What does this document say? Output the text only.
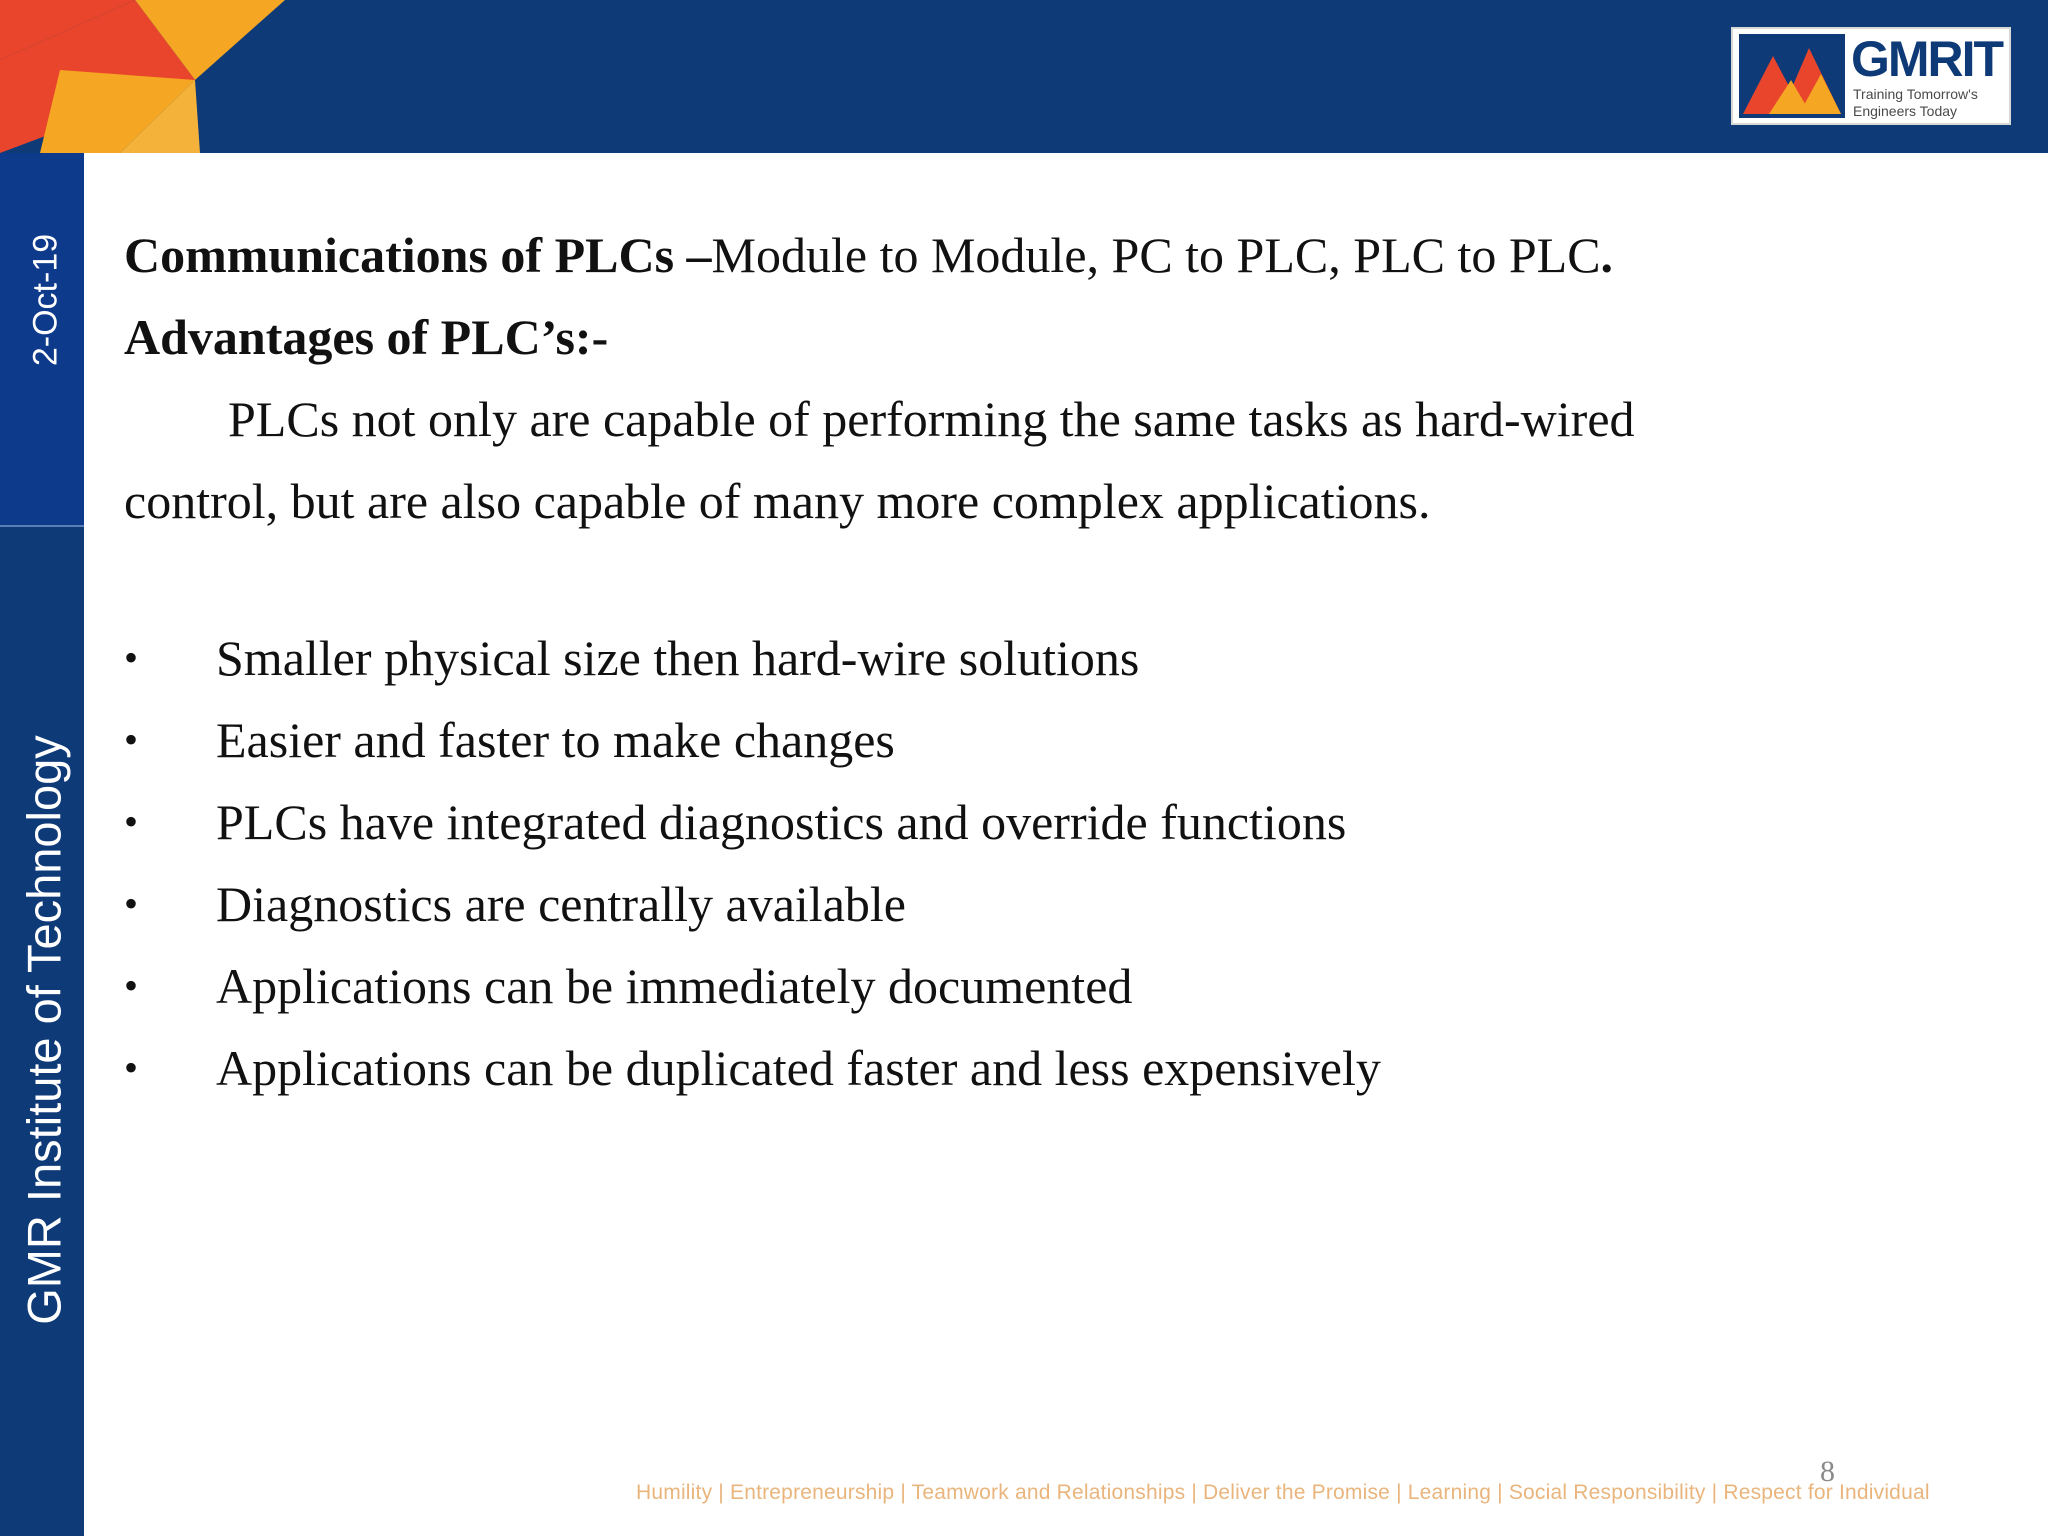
GMRIT
Training Tomorrow's Engineers Today
2-Oct-19
GMR Institute of Technology

Communications of PLCs –Module to Module, PC to PLC, PLC to PLC.

Advantages of PLC’s:-

PLCs not only are capable of performing the same tasks as hard-wired

control, but are also capable of many more complex applications.

• Smaller physical size then hard-wire solutions
• Easier and faster to make changes
• PLCs have integrated diagnostics and override functions
• Diagnostics are centrally available
• Applications can be immediately documented
• Applications can be duplicated faster and less expensively
8
Humility | Entrepreneurship | Teamwork and Relationships | Deliver the Promise | Learning | Social Responsibility | Respect for Individual
